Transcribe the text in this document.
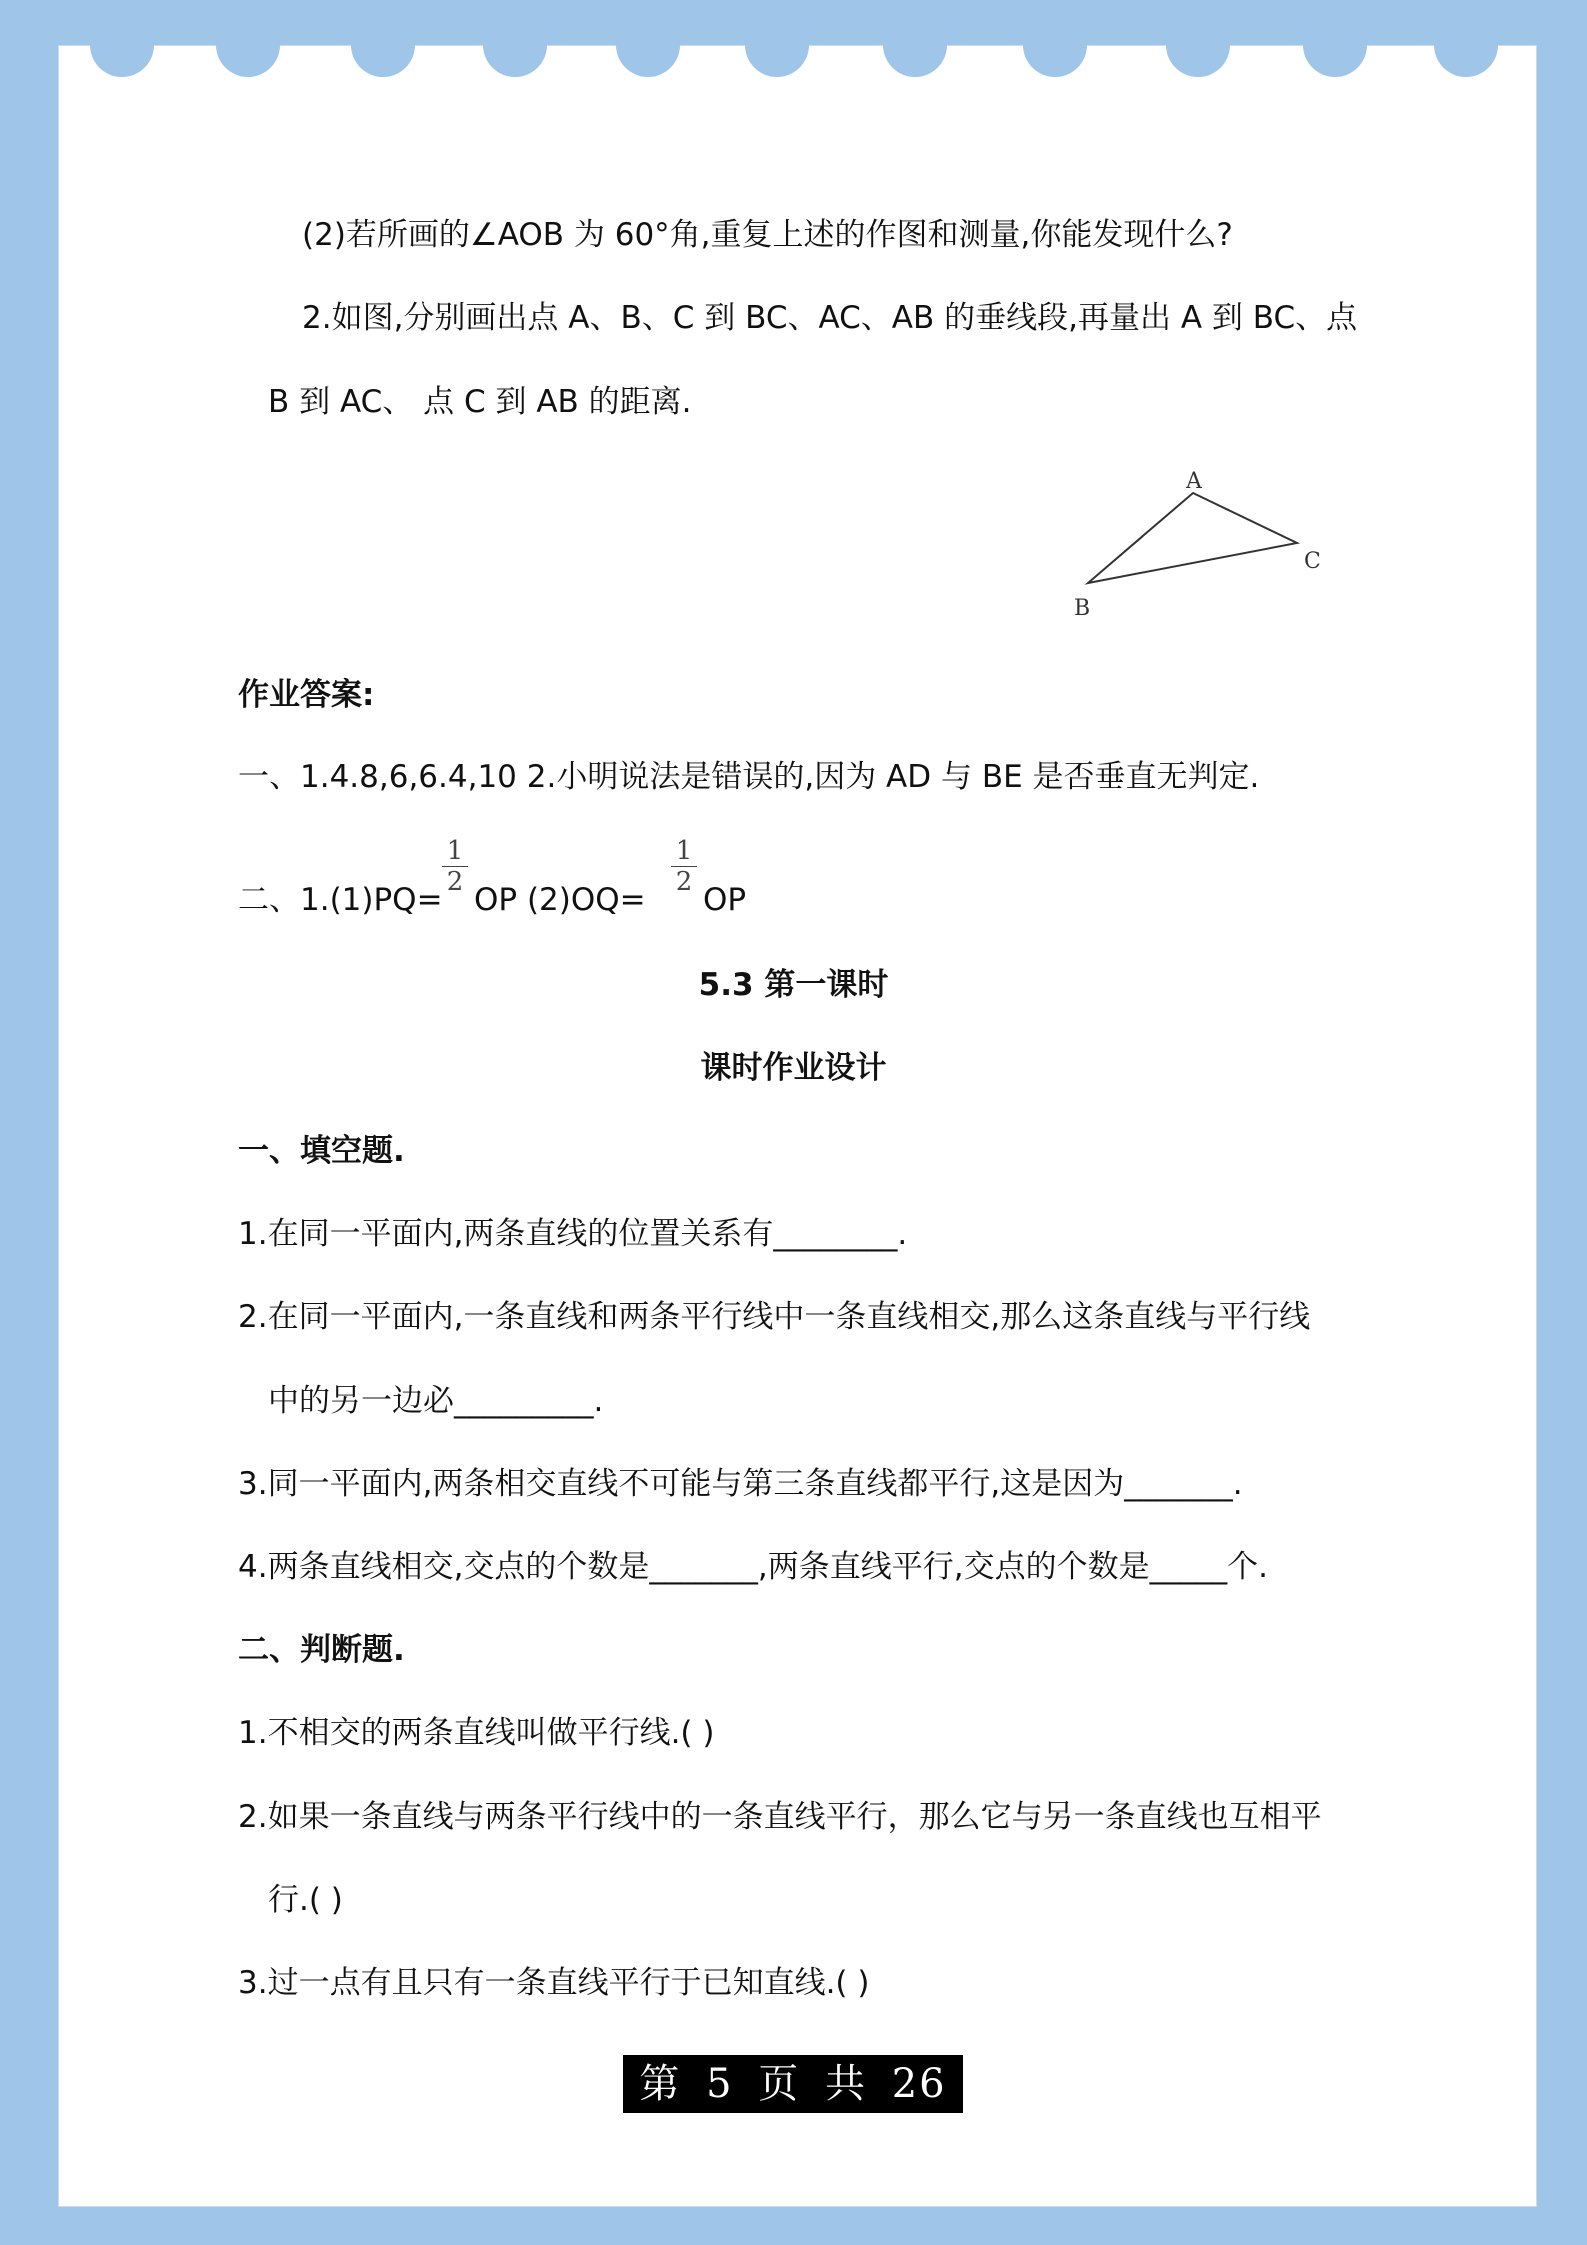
(2)若所画的∠AOB 为 60°角,重复上述的作图和测量,你能发现什么?
2.如图,分别画出点 A、B、C 到 BC、AC、AB 的垂线段,再量出 A 到 BC、点
B 到 AC、 点 C 到 AB 的距离.
A
C
B
作业答案:
一、1.4.8,6,6.4,10 2.小明说法是错误的,因为 AD 与 BE 是否垂直无判定.
二、1.(1)PQ=
$\frac{1}{2}$
OP (2)OQ=
$\frac{1}{2}$
OP
5.3 第一课时
课时作业设计
一、填空题.
1.在同一平面内,两条直线的位置关系有________.
2.在同一平面内,一条直线和两条平行线中一条直线相交,那么这条直线与平行线
中的另一边必_________.
3.同一平面内,两条相交直线不可能与第三条直线都平行,这是因为_______.
4.两条直线相交,交点的个数是_______,两条直线平行,交点的个数是_____个.
二、判断题.
1.不相交的两条直线叫做平行线.( )
2.如果一条直线与两条平行线中的一条直线平行，那么它与另一条直线也互相平
行.( )
3.过一点有且只有一条直线平行于已知直线.( )
第 5 页 共 26 页
